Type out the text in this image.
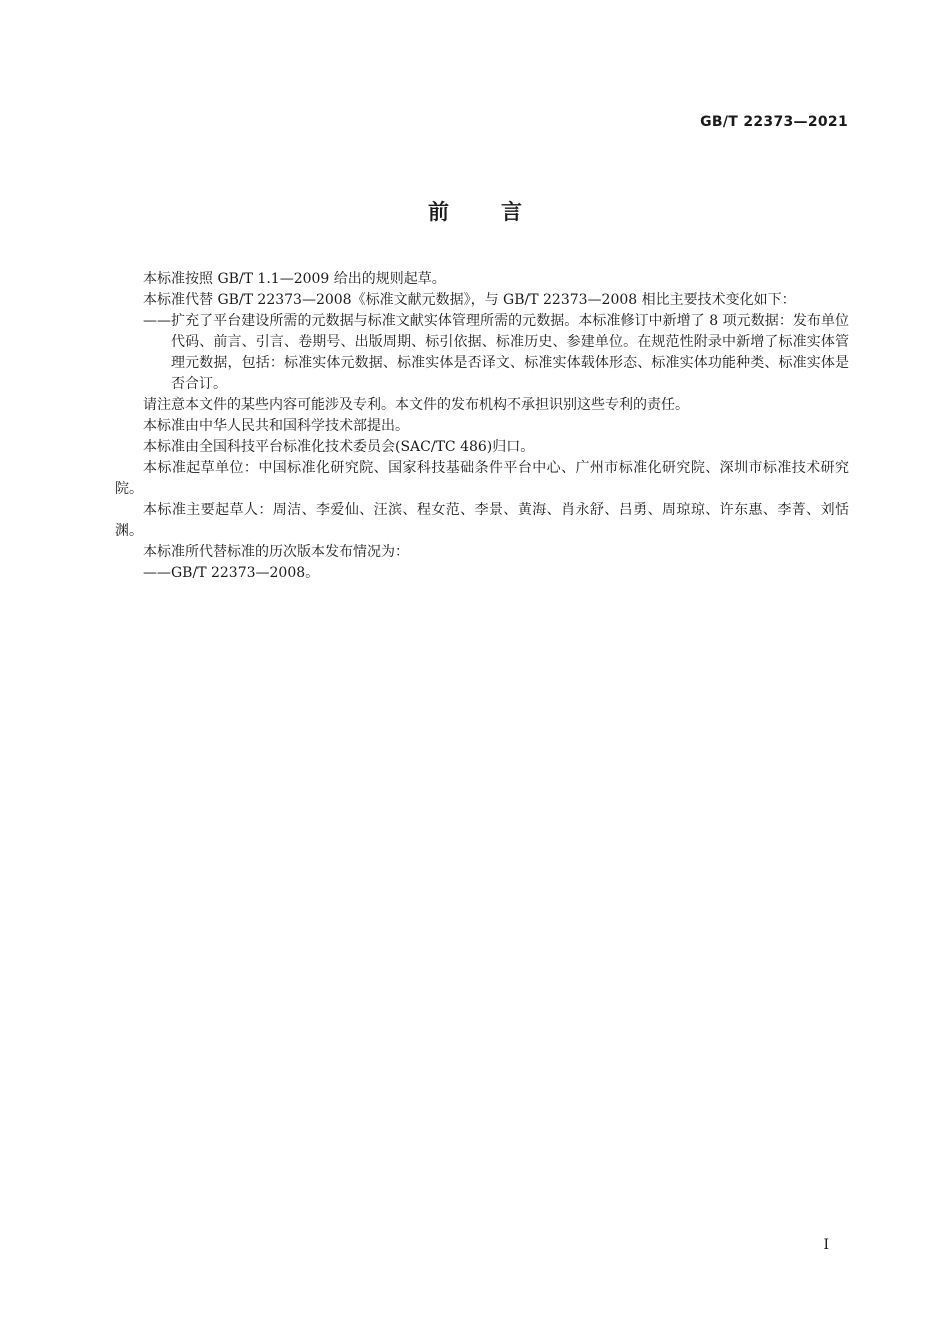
GB/T 22373—2021
前言

本标准按照 GB/T 1.1—2009 给出的规则起草。

本标准代替 GB/T 22373—2008《标准文献元数据》，与 GB/T 22373—2008 相比主要技术变化如下：

——扩充了平台建设所需的元数据与标准文献实体管理所需的元数据。本标准修订中新增了 8 项元数据：发布单位代码、前言、引言、卷期号、出版周期、标引依据、标准历史、参建单位。在规范性附录中新增了标准实体管理元数据，包括：标准实体元数据、标准实体是否译文、标准实体载体形态、标准实体功能种类、标准实体是否合订。

请注意本文件的某些内容可能涉及专利。本文件的发布机构不承担识别这些专利的责任。

本标准由中华人民共和国科学技术部提出。

本标准由全国科技平台标准化技术委员会(SAC/TC 486)归口。

本标准起草单位：中国标准化研究院、国家科技基础条件平台中心、广州市标准化研究院、深圳市标准技术研究院。

本标准主要起草人：周洁、李爱仙、汪滨、程女范、李景、黄海、肖永舒、吕勇、周琼琼、许东惠、李菁、刘恬渊。

本标准所代替标准的历次版本发布情况为：

——GB/T 22373—2008。

I
